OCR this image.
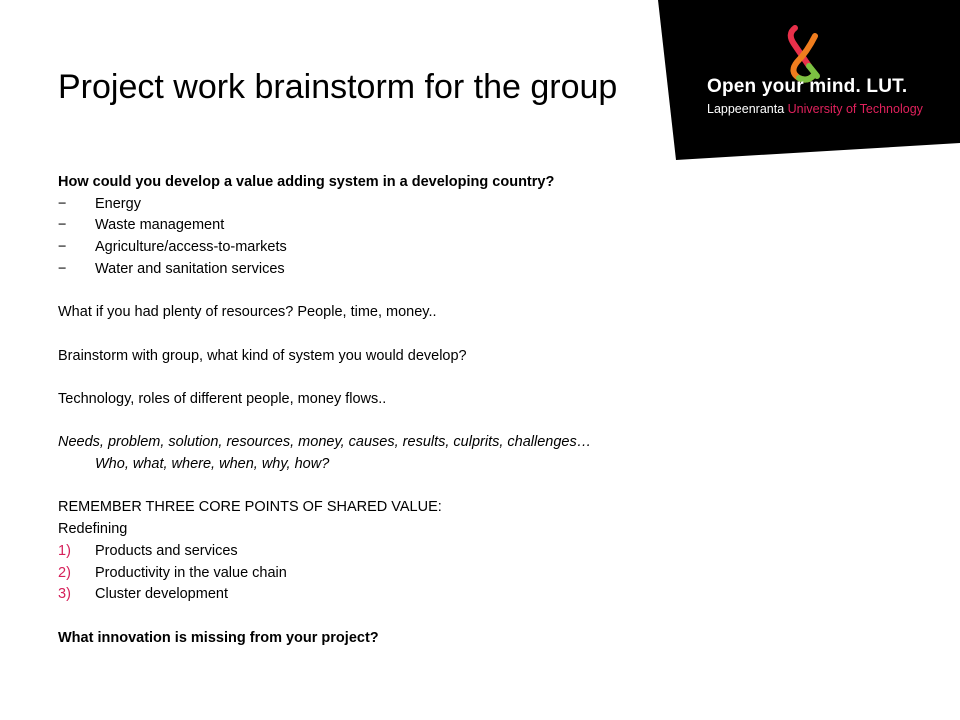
Project work brainstorm for the group	Open your mind. LUT.
Lappeenranta University of Technology

How could you develop a value adding system in a developing country?

−	Energy
−	Waste management
−	Agriculture/access-to-markets
−	Water and sanitation services

What if you had plenty of resources? People, time, money..

Brainstorm with group, what kind of system you would develop?

Technology, roles of different people, money flows..

Needs, problem, solution, resources, money, causes, results, culprits, challenges…

Who, what, where, when, why, how?

REMEMBER THREE CORE POINTS OF SHARED VALUE:

Redefining

1)	Products and services
2)	Productivity in the value chain
3)	Cluster development

What innovation is missing from your project?
